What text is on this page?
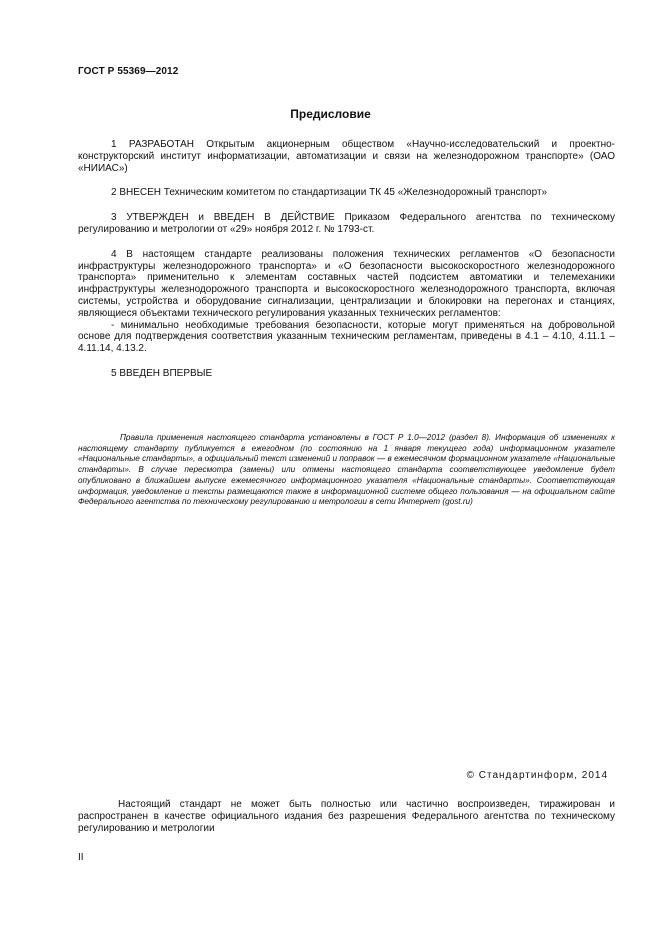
ГОСТ Р 55369—2012
Предисловие

1 РАЗРАБОТАН Открытым акционерным обществом «Научно-исследовательский и проектно-конструкторский институт информатизации, автоматизации и связи на железнодорожном транспорте» (ОАО «НИИАС»)

2 ВНЕСЕН Техническим комитетом по стандартизации ТК 45 «Железнодорожный транспорт»

3 УТВЕРЖДЕН и ВВЕДЕН В ДЕЙСТВИЕ Приказом Федерального агентства по техническому регулированию и метрологии от «29» ноября 2012 г. № 1793-ст.

4 В настоящем стандарте реализованы положения технических регламентов «О безопасности инфраструктуры железнодорожного транспорта» и «О безопасности высокоскоростного железнодорожного транспорта» применительно к элементам составных частей подсистем автоматики и телемеханики инфраструктуры железнодорожного транспорта и высокоскоростного железнодорожного транспорта, включая системы, устройства и оборудование сигнализации, централизации и блокировки на перегонах и станциях, являющиеся объектами технического регулирования указанных технических регламентов:

- минимально необходимые требования безопасности, которые могут применяться на добровольной основе для подтверждения соответствия указанным техническим регламентам, приведены в 4.1 – 4.10, 4.11.1 – 4.11.14, 4.13.2.

5 ВВЕДЕН ВПЕРВЫЕ

Правила применения настоящего стандарта установлены в ГОСТ Р 1.0—2012 (раздел 8). Информация об изменениях к настоящему стандарту публикуется в ежегодном (по состоянию на 1 января текущего года) информационном указателе «Национальные стандарты», а официальный текст изменений и поправок — в ежемесячном формационном указателе «Национальные стандарты». В случае пересмотра (замены) или отмены настоящего стандарта соответствующее уведомление будет опубликовано в ближайшем выпуске ежемесячного информационного указателя «Национальные стандарты». Соответствующая информация, уведомление и тексты размещаются также в информационной системе общего пользования — на официальном сайте Федерального агентства по техническому регулированию и метрологии в сети Интернет (gost.ru)
© Стандартинформ, 2014
Настоящий стандарт не может быть полностью или частично воспроизведен, тиражирован и распространен в качестве официального издания без разрешения Федерального агентства по техническому регулированию и метрологии
II
